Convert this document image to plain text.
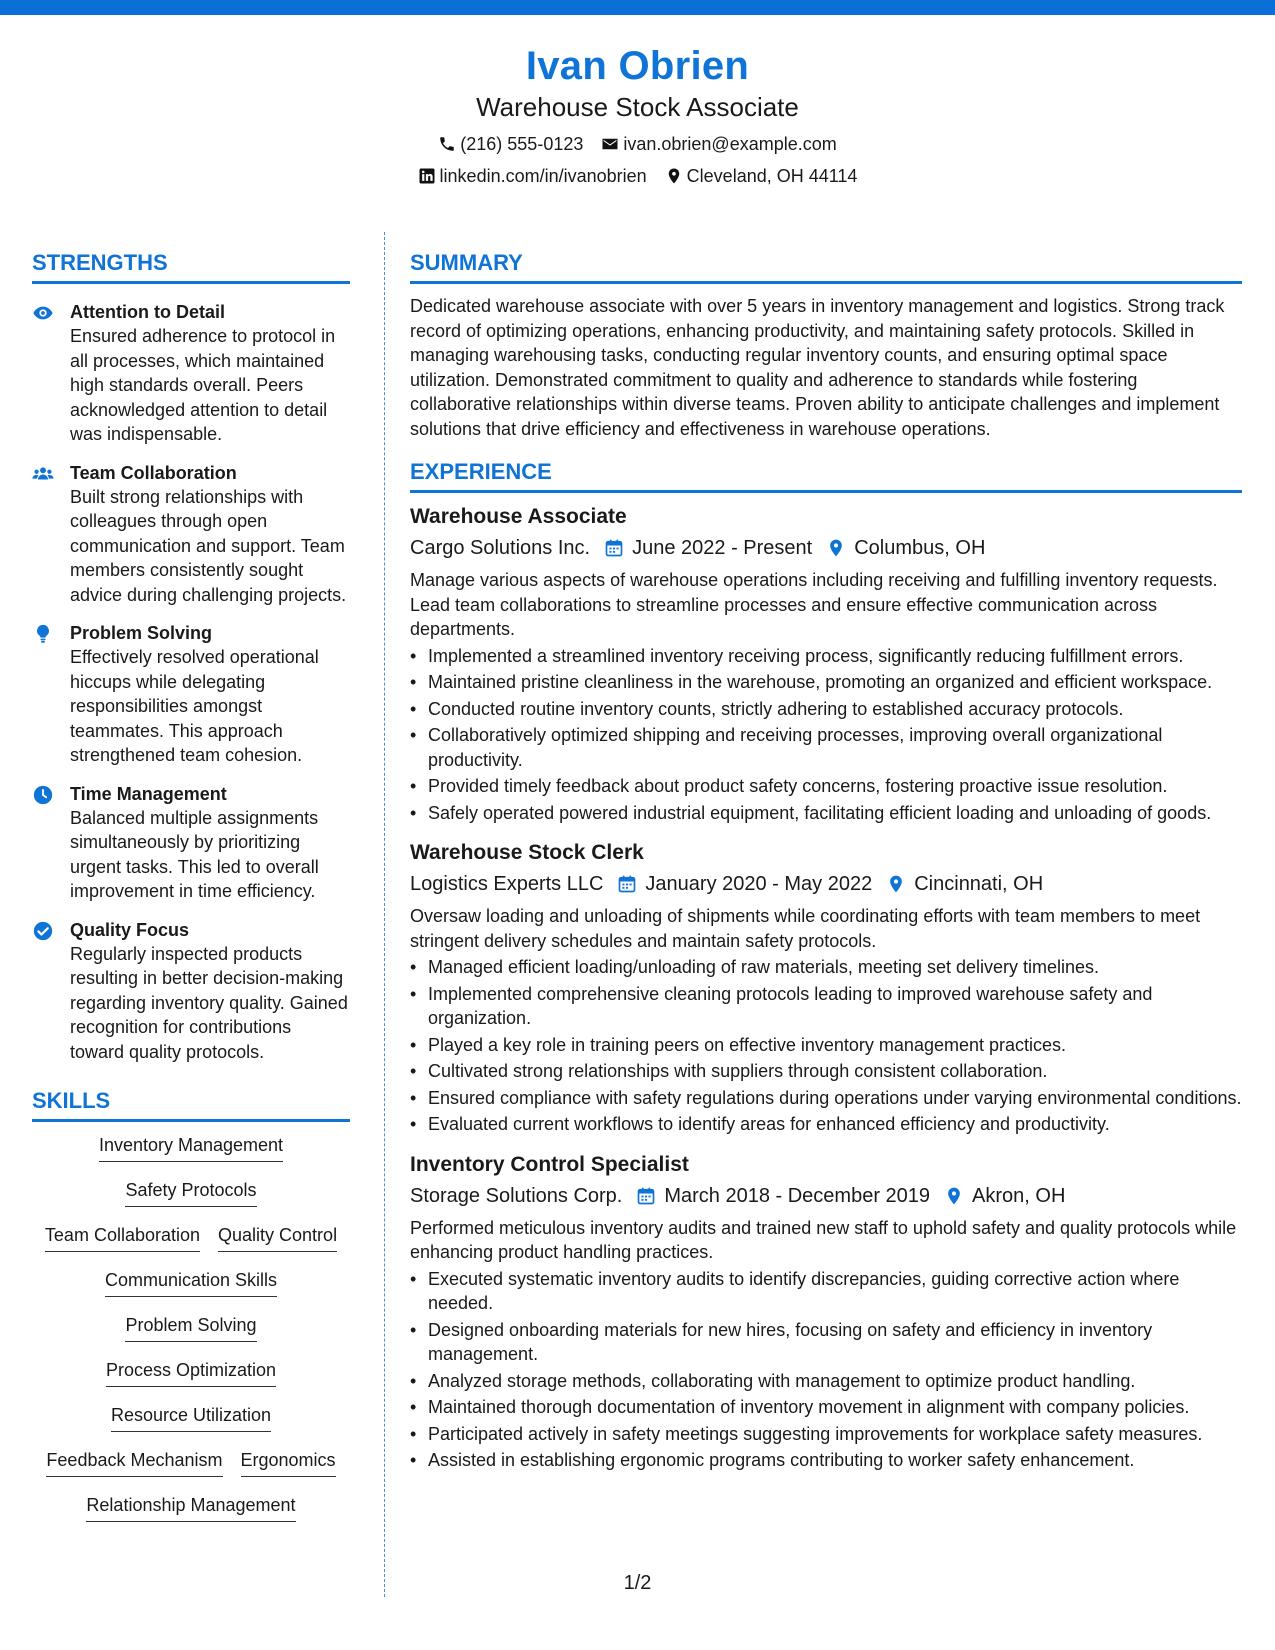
Ivan Obrien
Warehouse Stock Associate
(216) 555-0123 ivan.obrien@example.com
linkedin.com/in/ivanobrien Cleveland, OH 44114
STRENGTHS
Attention to Detail
Ensured adherence to protocol in all processes, which maintained high standards overall. Peers acknowledged attention to detail was indispensable.
Team Collaboration
Built strong relationships with colleagues through open communication and support. Team members consistently sought advice during challenging projects.
Problem Solving
Effectively resolved operational hiccups while delegating responsibilities amongst teammates. This approach strengthened team cohesion.
Time Management
Balanced multiple assignments simultaneously by prioritizing urgent tasks. This led to overall improvement in time efficiency.
Quality Focus
Regularly inspected products resulting in better decision-making regarding inventory quality. Gained recognition for contributions toward quality protocols.
SKILLS
Inventory Management
Safety Protocols
Team Collaboration Quality Control
Communication Skills
Problem Solving
Process Optimization
Resource Utilization
Feedback Mechanism Ergonomics
Relationship Management
SUMMARY
Dedicated warehouse associate with over 5 years in inventory management and logistics. Strong track record of optimizing operations, enhancing productivity, and maintaining safety protocols. Skilled in managing warehousing tasks, conducting regular inventory counts, and ensuring optimal space utilization. Demonstrated commitment to quality and adherence to standards while fostering collaborative relationships within diverse teams. Proven ability to anticipate challenges and implement solutions that drive efficiency and effectiveness in warehouse operations.
EXPERIENCE
Warehouse Associate
Cargo Solutions Inc. June 2022 - Present Columbus, OH
Manage various aspects of warehouse operations including receiving and fulfilling inventory requests. Lead team collaborations to streamline processes and ensure effective communication across departments.
• Implemented a streamlined inventory receiving process, significantly reducing fulfillment errors.
• Maintained pristine cleanliness in the warehouse, promoting an organized and efficient workspace.
• Conducted routine inventory counts, strictly adhering to established accuracy protocols.
• Collaboratively optimized shipping and receiving processes, improving overall organizational productivity.
• Provided timely feedback about product safety concerns, fostering proactive issue resolution.
• Safely operated powered industrial equipment, facilitating efficient loading and unloading of goods.
Warehouse Stock Clerk
Logistics Experts LLC January 2020 - May 2022 Cincinnati, OH
Oversaw loading and unloading of shipments while coordinating efforts with team members to meet stringent delivery schedules and maintain safety protocols.
• Managed efficient loading/unloading of raw materials, meeting set delivery timelines.
• Implemented comprehensive cleaning protocols leading to improved warehouse safety and organization.
• Played a key role in training peers on effective inventory management practices.
• Cultivated strong relationships with suppliers through consistent collaboration.
• Ensured compliance with safety regulations during operations under varying environmental conditions.
• Evaluated current workflows to identify areas for enhanced efficiency and productivity.
Inventory Control Specialist
Storage Solutions Corp. March 2018 - December 2019 Akron, OH
Performed meticulous inventory audits and trained new staff to uphold safety and quality protocols while enhancing product handling practices.
• Executed systematic inventory audits to identify discrepancies, guiding corrective action where needed.
• Designed onboarding materials for new hires, focusing on safety and efficiency in inventory management.
• Analyzed storage methods, collaborating with management to optimize product handling.
• Maintained thorough documentation of inventory movement in alignment with company policies.
• Participated actively in safety meetings suggesting improvements for workplace safety measures.
• Assisted in establishing ergonomic programs contributing to worker safety enhancement.
1/2
